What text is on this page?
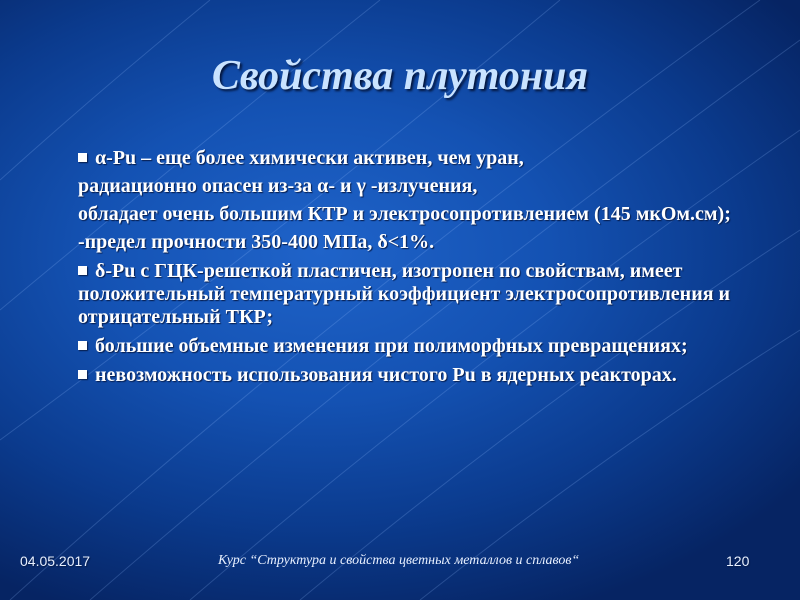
Свойства плутония

α-Pu – еще более химически активен, чем уран,

радиационно опасен из-за α- и γ -излучения,

обладает очень большим КТР и электросопротивлением (145 мкОм.см);

-предел прочности 350-400 МПа, δ<1%.

δ-Pu с ГЦК-решеткой пластичен, изотропен по свойствам, имеет положительный температурный коэффициент электросопротивления и отрицательный ТКР;

большие объемные изменения при полиморфных превращениях;

невозможность использования чистого Pu в ядерных реакторах.

04.05.2017	Курс “Структура и свойства цветных металлов и сплавов“	120
